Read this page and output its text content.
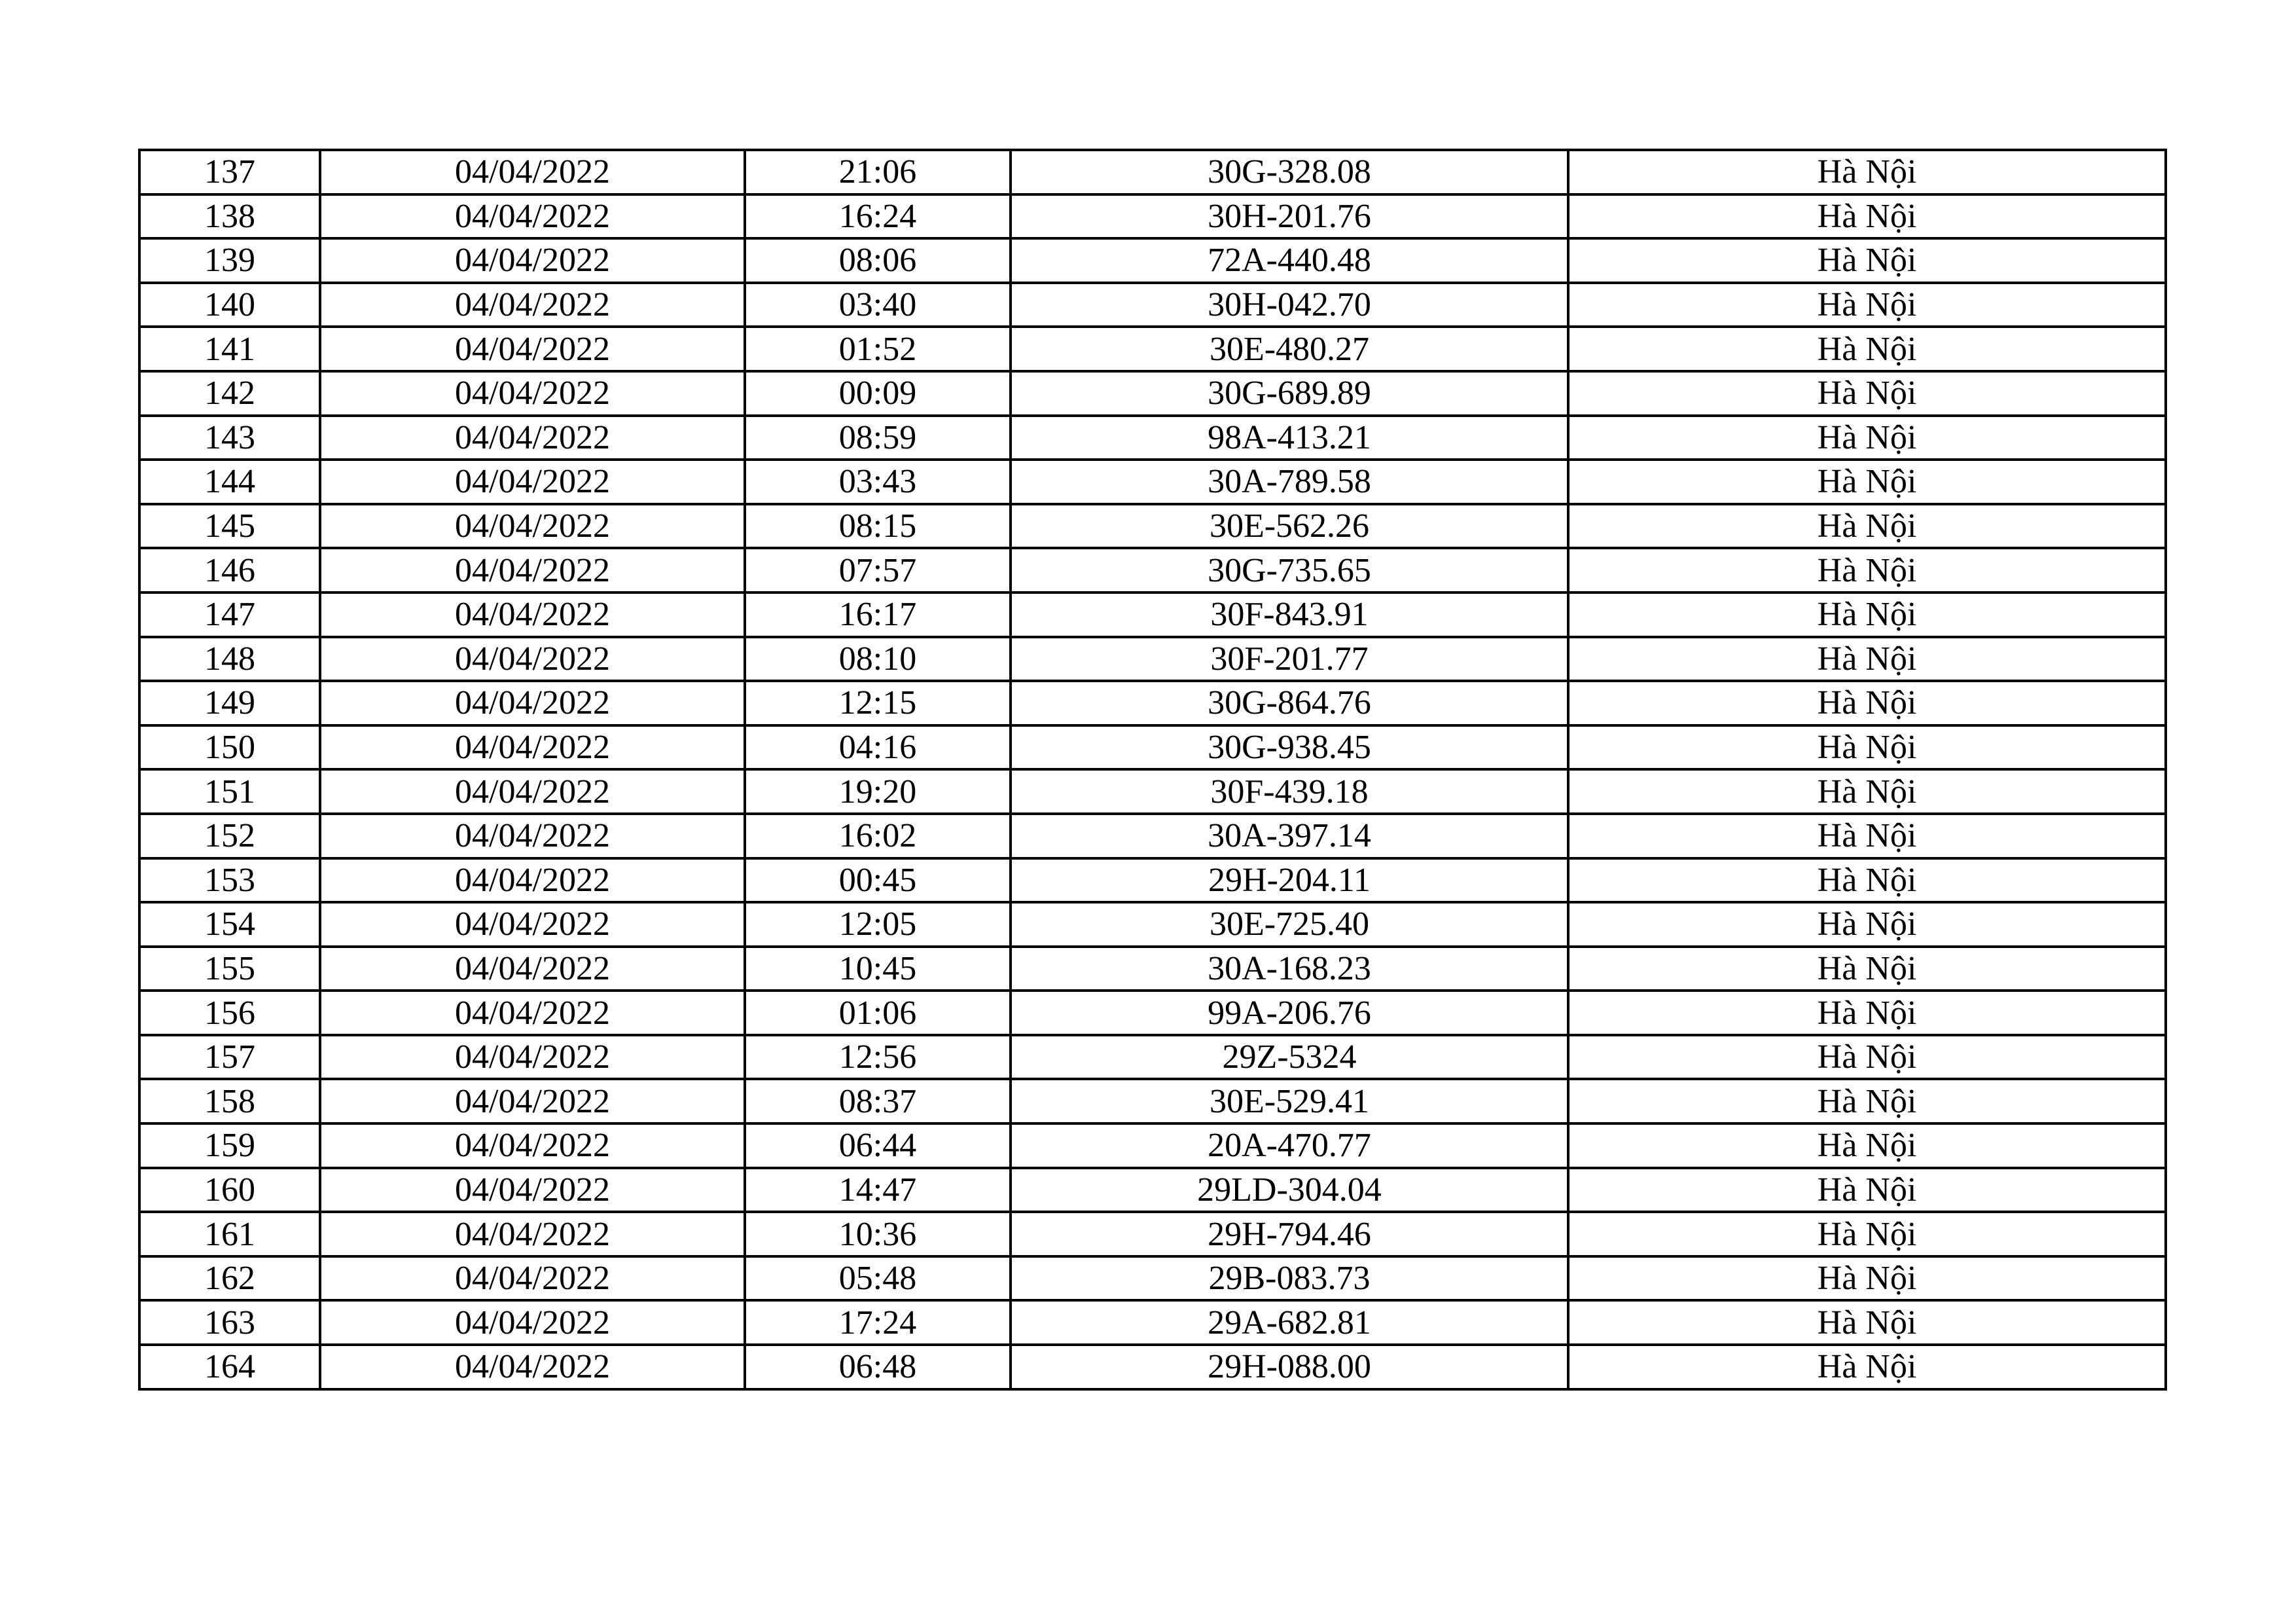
137	04/04/2022	21:06	30G-328.08	Hà Nội
138	04/04/2022	16:24	30H-201.76	Hà Nội
139	04/04/2022	08:06	72A-440.48	Hà Nội
140	04/04/2022	03:40	30H-042.70	Hà Nội
141	04/04/2022	01:52	30E-480.27	Hà Nội
142	04/04/2022	00:09	30G-689.89	Hà Nội
143	04/04/2022	08:59	98A-413.21	Hà Nội
144	04/04/2022	03:43	30A-789.58	Hà Nội
145	04/04/2022	08:15	30E-562.26	Hà Nội
146	04/04/2022	07:57	30G-735.65	Hà Nội
147	04/04/2022	16:17	30F-843.91	Hà Nội
148	04/04/2022	08:10	30F-201.77	Hà Nội
149	04/04/2022	12:15	30G-864.76	Hà Nội
150	04/04/2022	04:16	30G-938.45	Hà Nội
151	04/04/2022	19:20	30F-439.18	Hà Nội
152	04/04/2022	16:02	30A-397.14	Hà Nội
153	04/04/2022	00:45	29H-204.11	Hà Nội
154	04/04/2022	12:05	30E-725.40	Hà Nội
155	04/04/2022	10:45	30A-168.23	Hà Nội
156	04/04/2022	01:06	99A-206.76	Hà Nội
157	04/04/2022	12:56	29Z-5324	Hà Nội
158	04/04/2022	08:37	30E-529.41	Hà Nội
159	04/04/2022	06:44	20A-470.77	Hà Nội
160	04/04/2022	14:47	29LD-304.04	Hà Nội
161	04/04/2022	10:36	29H-794.46	Hà Nội
162	04/04/2022	05:48	29B-083.73	Hà Nội
163	04/04/2022	17:24	29A-682.81	Hà Nội
164	04/04/2022	06:48	29H-088.00	Hà Nội
